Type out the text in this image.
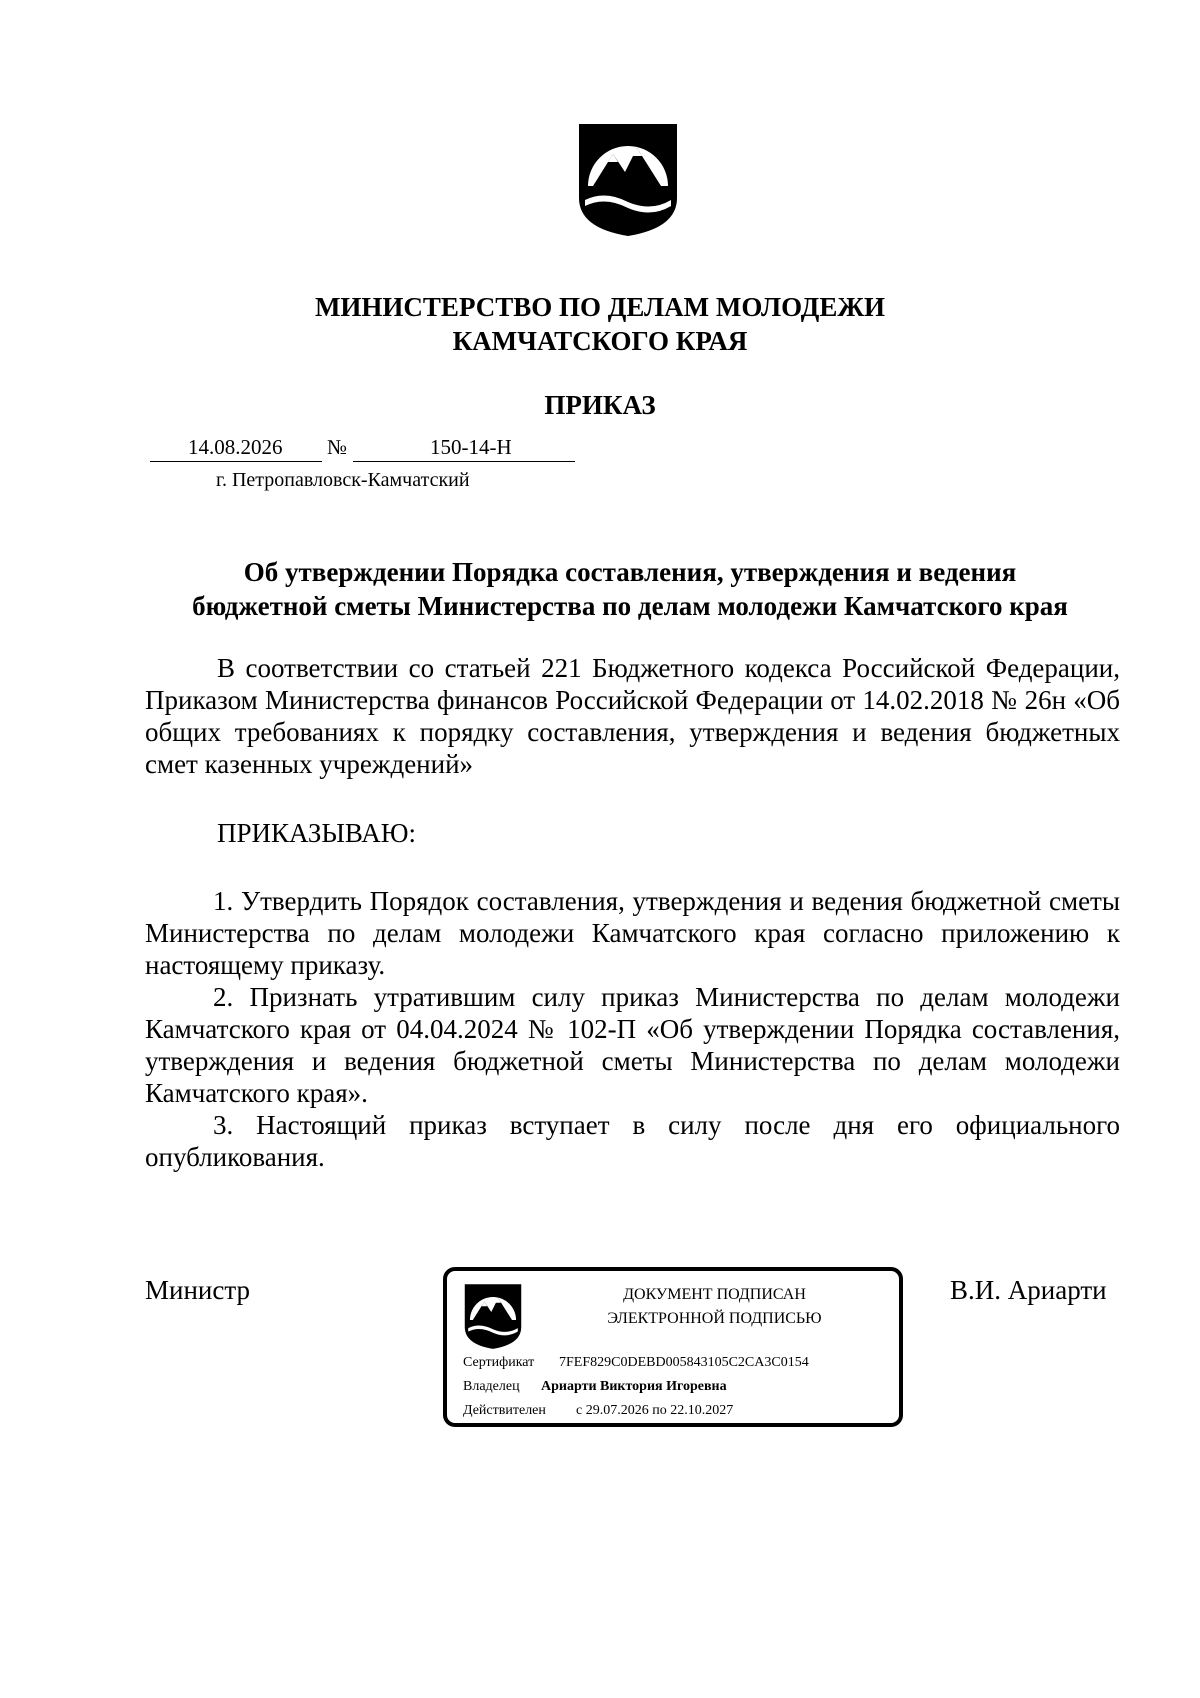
МИНИСТЕРСТВО ПО ДЕЛАМ МОЛОДЕЖИ
КАМЧАТСКОГО КРАЯ
ПРИКАЗ
14.08.2026 №	150-14-Н
г. Петропавловск-Камчатский
Об утверждении Порядка составления, утверждения и ведения
бюджетной сметы Министерства по делам молодежи Камчатского края
В соответствии со статьей 221 Бюджетного кодекса Российской Федерации, Приказом Министерства финансов Российской Федерации от 14.02.2018 № 26н «Об общих требованиях к порядку составления, утверждения и ведения бюджетных смет казенных учреждений»
ПРИКАЗЫВАЮ:

1. Утвердить Порядок составления, утверждения и ведения бюджетной сметы Министерства по делам молодежи Камчатского края согласно приложению к настоящему приказу.

2. Признать утратившим силу приказ Министерства по делам молодежи Камчатского края от 04.04.2024 № 102-П «Об утверждении Порядка составления, утверждения и ведения бюджетной сметы Министерства по делам молодежи Камчатского края».

3. Настоящий приказ вступает в силу после дня его официального опубликования.

Министр	ДОКУМЕНТ ПОДПИСАН
ЭЛЕКТРОННОЙ ПОДПИСЬЮ
Сертификат 7FEF829C0DEBD005843105C2CA3C0154
Владелец Ариарти Виктория Игоревна
Действителен с 29.07.2026 по 22.10.2027
В.И. Ариарти
